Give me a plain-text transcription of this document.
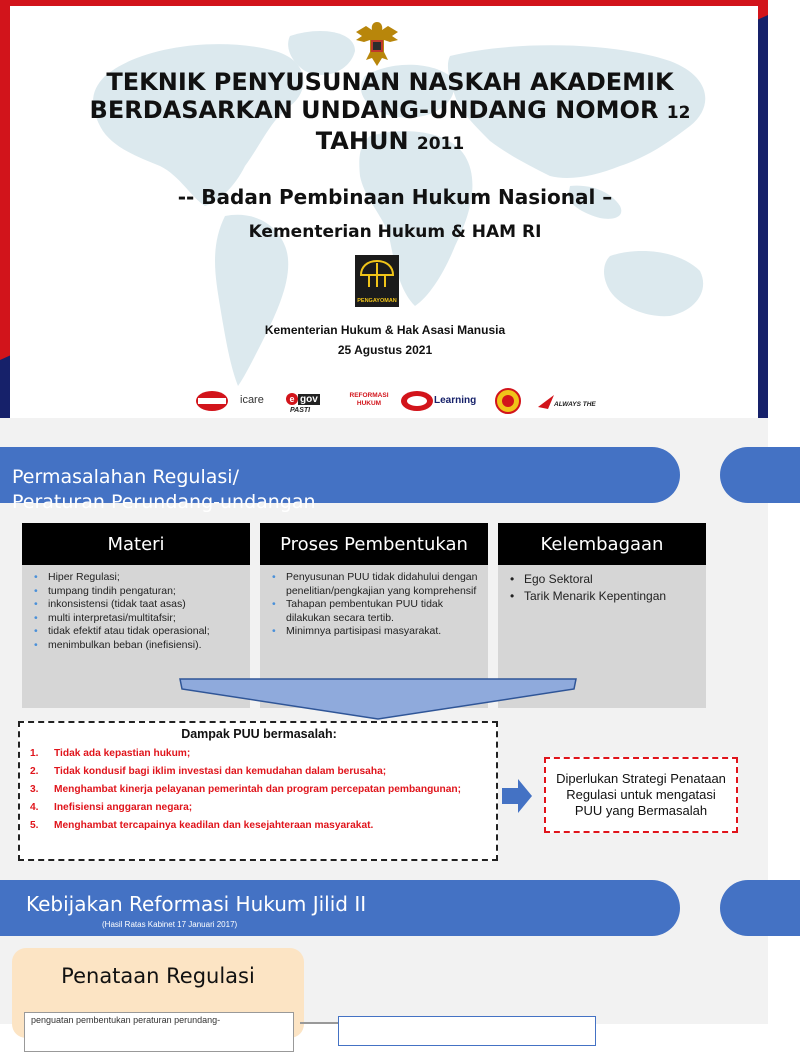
TEKNIK PENYUSUNAN NASKAH AKADEMIK
BERDASARKAN UNDANG-UNDANG NOMOR 12
TAHUN 2011
-- Badan Pembinaan Hukum Nasional –
Kementerian Hukum & HAM RI
PENGAYOMAN
Kementerian Hukum & Hak Asasi Manusia
25 Agustus 2021
icare	e gov
PASTI
REFORMASI HUKUM	Learning	ALWAYS THE
Permasalahan Regulasi/
Peraturan Perundang-undangan
Materi
• Hiper Regulasi;
• tumpang tindih pengaturan;
• inkonsistensi (tidak taat asas)
• multi interpretasi/multitafsir;
• tidak efektif atau tidak operasional;
• menimbulkan beban (inefisiensi).
Proses Pembentukan
• Penyusunan PUU tidak didahului dengan penelitian/pengkajian yang komprehensif
• Tahapan pembentukan PUU tidak dilakukan secara tertib.
• Minimnya partisipasi masyarakat.
Kelembagaan
• Ego Sektoral
• Tarik Menarik Kepentingan
Dampak PUU bermasalah:
1. Tidak ada kepastian hukum;
2. Tidak kondusif bagi iklim investasi dan kemudahan dalam berusaha;
3. Menghambat kinerja pelayanan pemerintah dan program percepatan pembangunan;
4. Inefisiensi anggaran negara;
5. Menghambat tercapainya keadilan dan kesejahteraan masyarakat.
Diperlukan Strategi Penataan Regulasi untuk mengatasi PUU yang Bermasalah
Kebijakan Reformasi Hukum Jilid II
(Hasil Ratas Kabinet 17 Januari 2017)
Penataan Regulasi
penguatan pembentukan peraturan perundang-
